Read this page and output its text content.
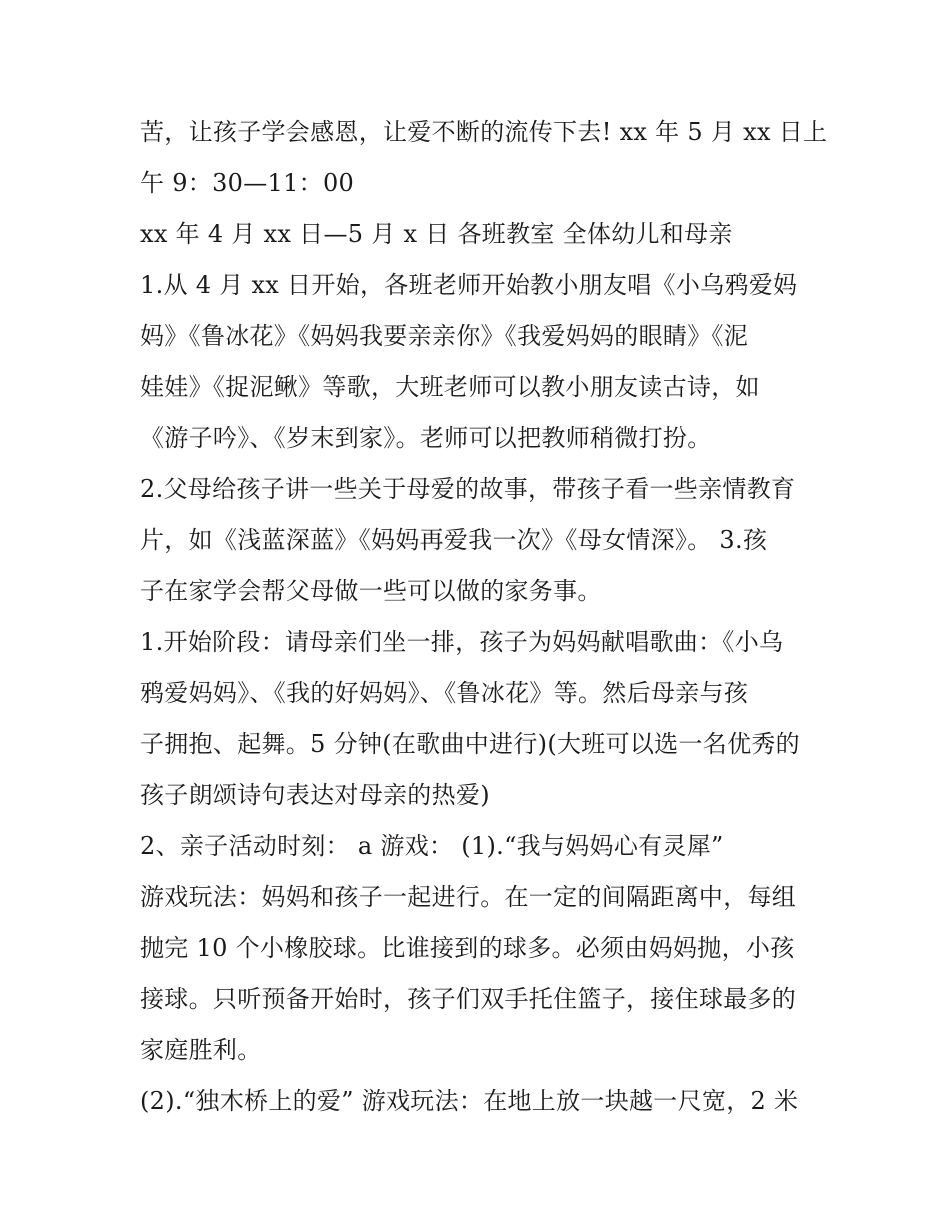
苦，让孩子学会感恩，让爱不断的流传下去! xx 年 5 月 xx 日上
午 9：30—11：00
xx 年 4 月 xx 日—5 月 x 日 各班教室 全体幼儿和母亲
1.从 4 月 xx 日开始，各班老师开始教小朋友唱《小乌鸦爱妈
妈》《鲁冰花》《妈妈我要亲亲你》《我爱妈妈的眼睛》《泥
娃娃》《捉泥鳅》等歌，大班老师可以教小朋友读古诗，如
《游子吟》、《岁末到家》。老师可以把教师稍微打扮。
2.父母给孩子讲一些关于母爱的故事，带孩子看一些亲情教育
片，如《浅蓝深蓝》《妈妈再爱我一次》《母女情深》。 3.孩
子在家学会帮父母做一些可以做的家务事。
1.开始阶段：请母亲们坐一排，孩子为妈妈献唱歌曲：《小乌
鸦爱妈妈》、《我的好妈妈》、《鲁冰花》等。然后母亲与孩
子拥抱、起舞。5 分钟(在歌曲中进行)(大班可以选一名优秀的
孩子朗颂诗句表达对母亲的热爱)
2、亲子活动时刻： a 游戏： (1).“我与妈妈心有灵犀”
游戏玩法：妈妈和孩子一起进行。在一定的间隔距离中，每组
抛完 10 个小橡胶球。比谁接到的球多。必须由妈妈抛，小孩
接球。只听预备开始时，孩子们双手托住篮子，接住球最多的
家庭胜利。
(2).“独木桥上的爱” 游戏玩法：在地上放一块越一尺宽，2 米
